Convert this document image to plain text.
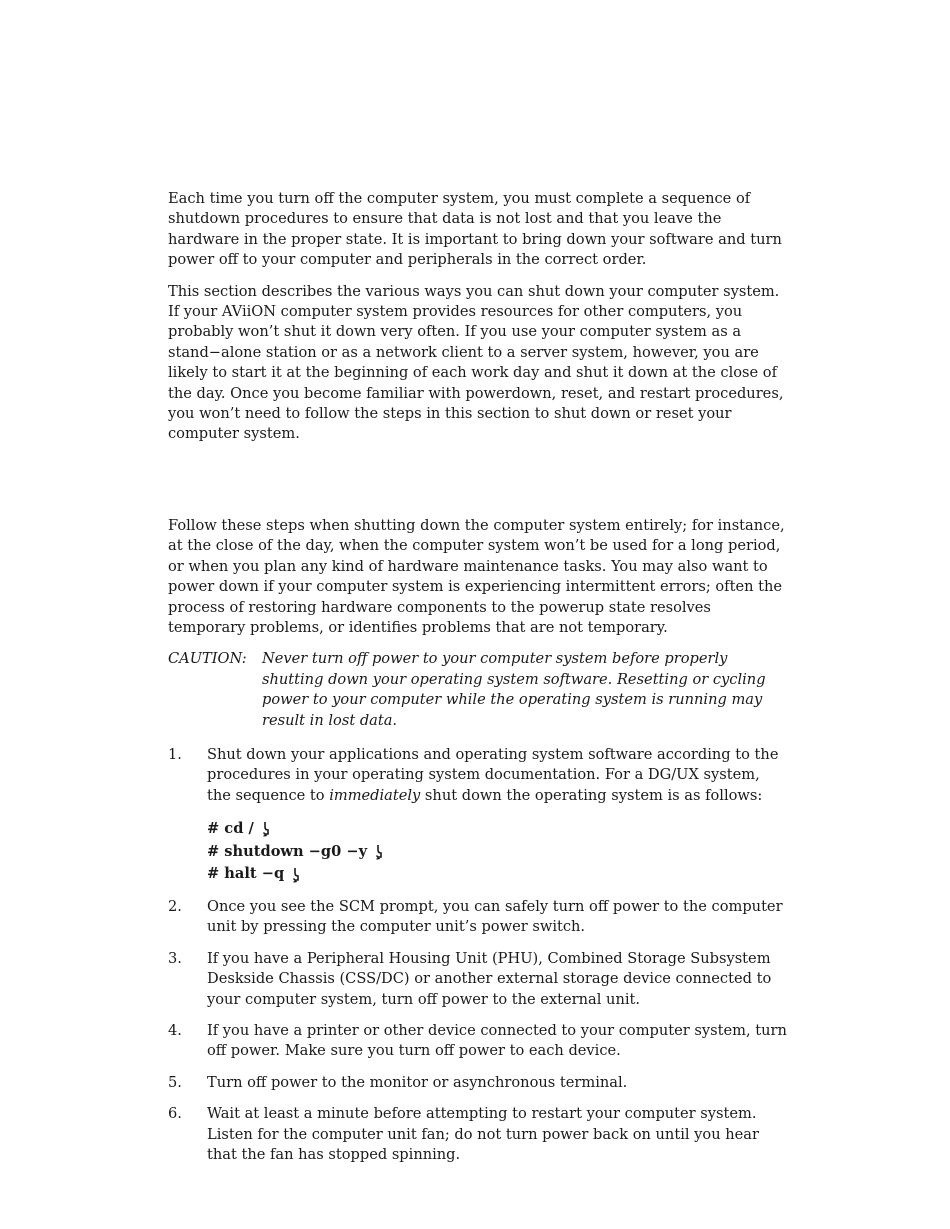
Each time you turn off the computer system, you must complete a sequence of shutdown procedures to ensure that data is not lost and that you leave the hardware in the proper state. It is important to bring down your software and turn power off to your computer and peripherals in the correct order.

This section describes the various ways you can shut down your computer system. If your AViiON computer system provides resources for other computers, you probably won’t shut it down very often. If you use your computer system as a stand−alone station or as a network client to a server system, however, you are likely to start it at the beginning of each work day and shut it down at the close of the day. Once you become familiar with powerdown, reset, and restart procedures, you won’t need to follow the steps in this section to shut down or reset your computer system.

Follow these steps when shutting down the computer system entirely; for instance, at the close of the day, when the computer system won’t be used for a long period, or when you plan any kind of hardware maintenance tasks. You may also want to power down if your computer system is experiencing intermittent errors; often the process of restoring hardware components to the powerup state resolves temporary problems, or identifies problems that are not temporary.

CAUTION:	Never turn off power to your computer system before properly shutting down your operating system software. Resetting or cycling power to your computer while the operating system is running may result in lost data.
1.	Shut down your applications and operating system software according to the procedures in your operating system documentation. For a DG/UX system, the sequence to immediately shut down the operating system is as follows:
# cd /
# shutdown −g0 −y
# halt −q
2.	Once you see the SCM prompt, you can safely turn off power to the computer unit by pressing the computer unit’s power switch.
3.	If you have a Peripheral Housing Unit (PHU), Combined Storage Subsystem Deskside Chassis (CSS/DC) or another external storage device connected to your computer system, turn off power to the external unit.
4.	If you have a printer or other device connected to your computer system, turn off power. Make sure you turn off power to each device.
5.	Turn off power to the monitor or asynchronous terminal.
6.	Wait at least a minute before attempting to restart your computer system. Listen for the computer unit fan; do not turn power back on until you hear that the fan has stopped spinning.
